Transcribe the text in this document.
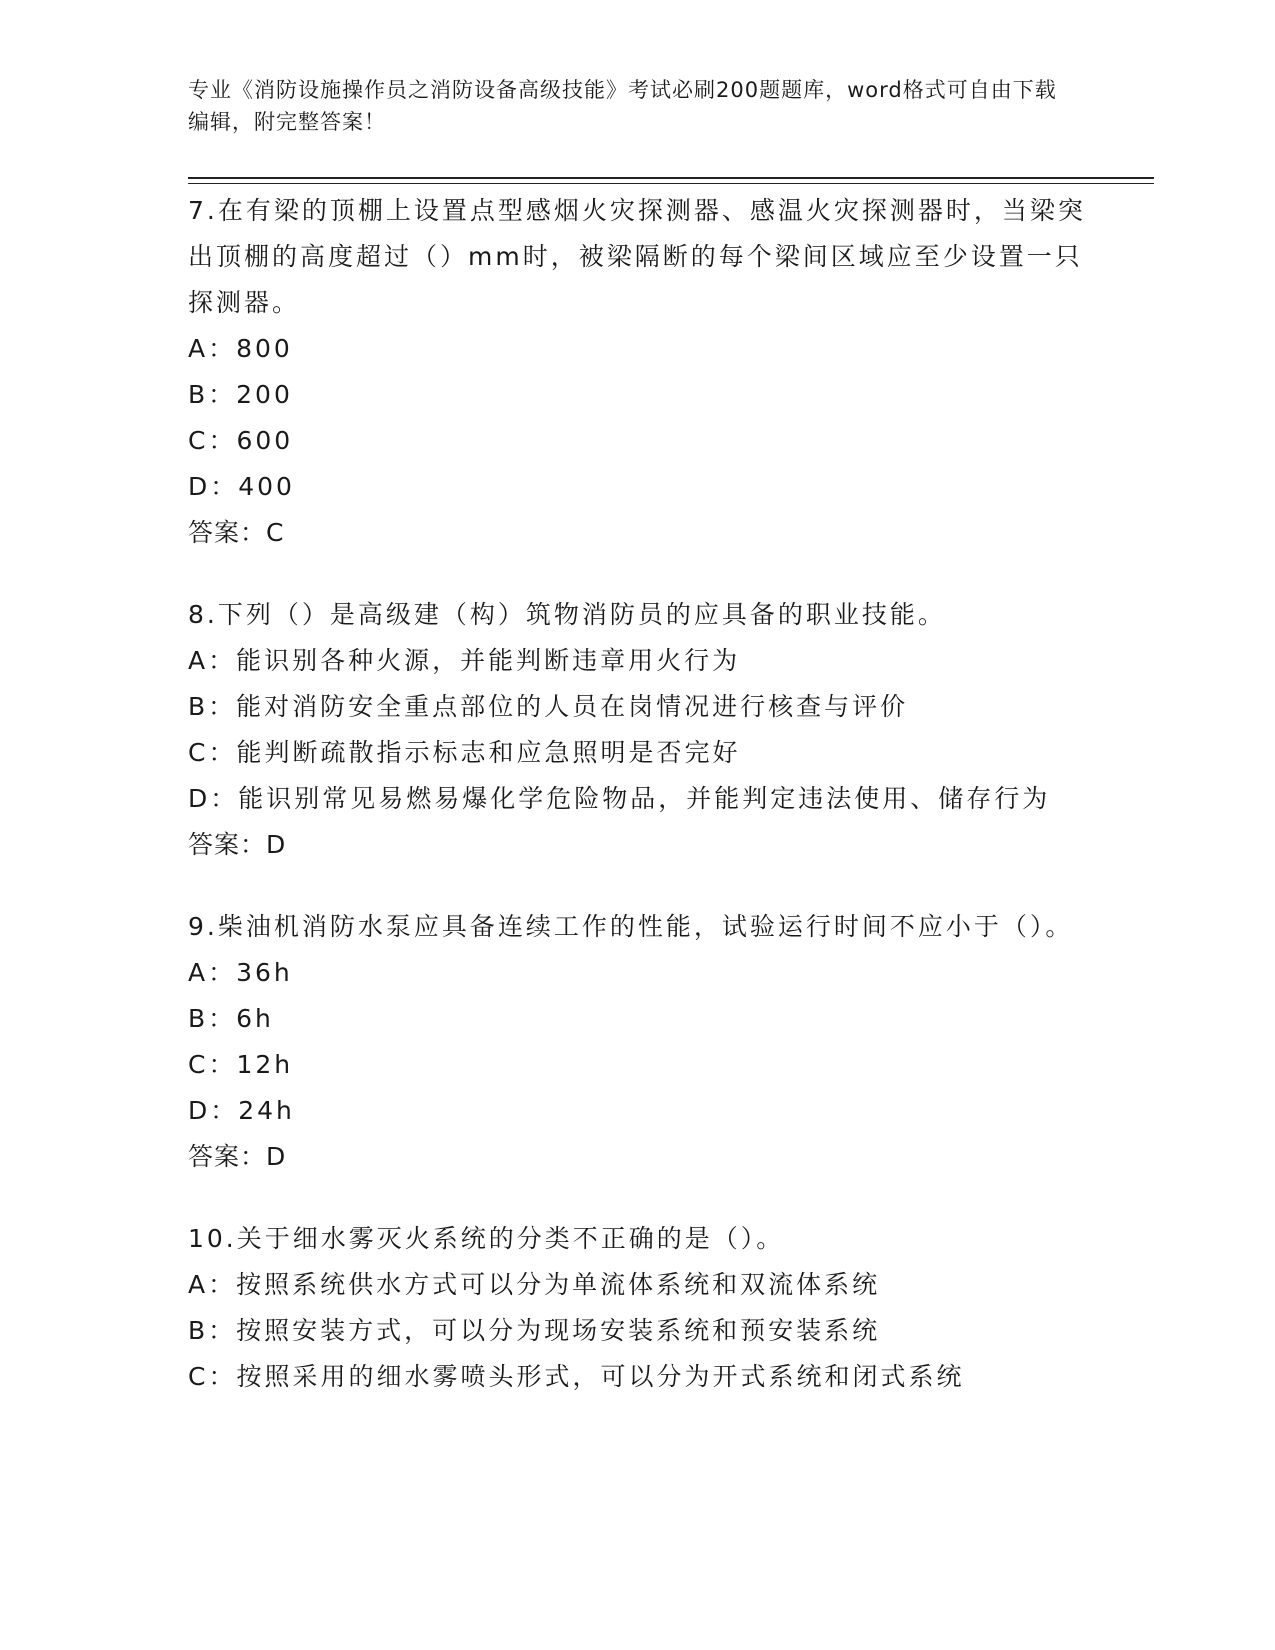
专业《消防设施操作员之消防设备高级技能》考试必刷200题题库，word格式可自由下载编辑，附完整答案！

7.在有梁的顶棚上设置点型感烟火灾探测器、感温火灾探测器时，当梁突出顶棚的高度超过（）mm时，被梁隔断的每个梁间区域应至少设置一只探测器。

A：800

B：200

C：600

D：400

答案：C

8.下列（）是高级建（构）筑物消防员的应具备的职业技能。

A：能识别各种火源，并能判断违章用火行为

B：能对消防安全重点部位的人员在岗情况进行核查与评价

C：能判断疏散指示标志和应急照明是否完好

D：能识别常见易燃易爆化学危险物品，并能判定违法使用、储存行为

答案：D

9.柴油机消防水泵应具备连续工作的性能，试验运行时间不应小于（）。

A：36h

B：6h

C：12h

D：24h

答案：D

10.关于细水雾灭火系统的分类不正确的是（）。

A：按照系统供水方式可以分为单流体系统和双流体系统

B：按照安装方式，可以分为现场安装系统和预安装系统

C：按照采用的细水雾喷头形式，可以分为开式系统和闭式系统
